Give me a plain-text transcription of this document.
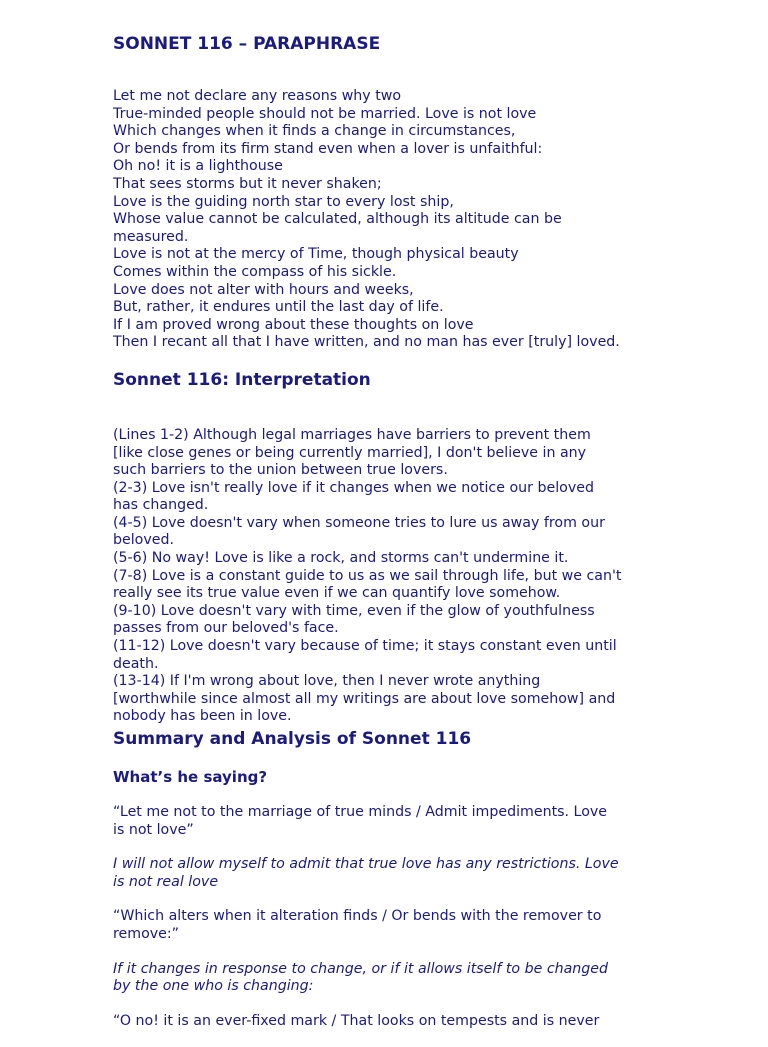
SONNET 116 – PARAPHRASE
Let me not declare any reasons why two
True-minded people should not be married. Love is not love
Which changes when it finds a change in circumstances,
Or bends from its firm stand even when a lover is unfaithful:
Oh no! it is a lighthouse
That sees storms but it never shaken;
Love is the guiding north star to every lost ship,
Whose value cannot be calculated, although its altitude can be
measured.
Love is not at the mercy of Time, though physical beauty
Comes within the compass of his sickle.
Love does not alter with hours and weeks,
But, rather, it endures until the last day of life.
If I am proved wrong about these thoughts on love
Then I recant all that I have written, and no man has ever [truly] loved.
Sonnet 116: Interpretation
(Lines 1-2) Although legal marriages have barriers to prevent them
[like close genes or being currently married], I don't believe in any
such barriers to the union between true lovers.
(2-3) Love isn't really love if it changes when we notice our beloved
has changed.
(4-5) Love doesn't vary when someone tries to lure us away from our
beloved.
(5-6) No way! Love is like a rock, and storms can't undermine it.
(7-8) Love is a constant guide to us as we sail through life, but we can't
really see its true value even if we can quantify love somehow.
(9-10) Love doesn't vary with time, even if the glow of youthfulness
passes from our beloved's face.
(11-12) Love doesn't vary because of time; it stays constant even until
death.
(13-14) If I'm wrong about love, then I never wrote anything
[worthwhile since almost all my writings are about love somehow] and
nobody has been in love.
Summary and Analysis of Sonnet 116
What’s he saying?
“Let me not to the marriage of true minds / Admit impediments. Love
is not love”
I will not allow myself to admit that true love has any restrictions. Love
is not real love
“Which alters when it alteration finds / Or bends with the remover to
remove:”
If it changes in response to change, or if it allows itself to be changed
by the one who is changing:
“O no! it is an ever-fixed mark / That looks on tempests and is never
